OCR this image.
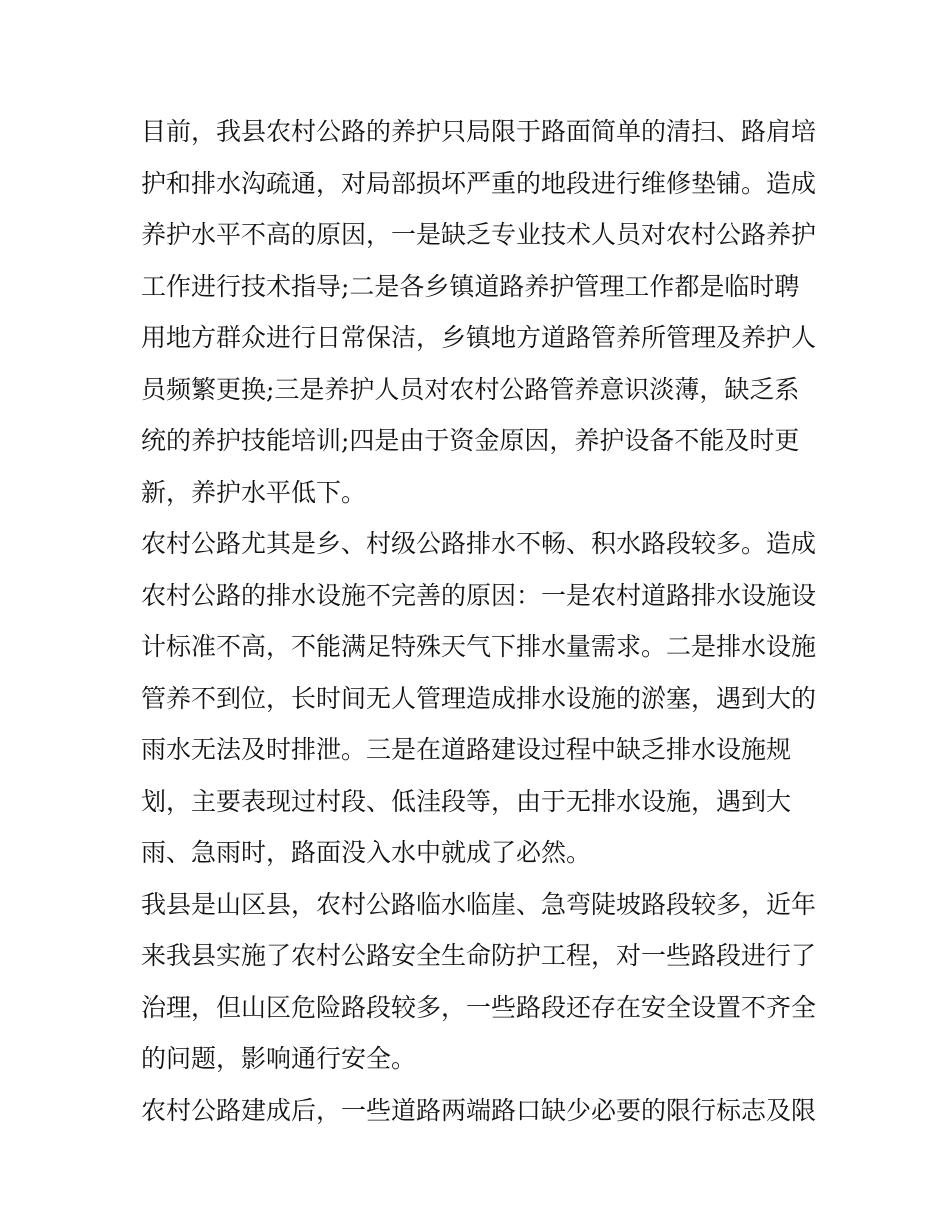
目前，我县农村公路的养护只局限于路面简单的清扫、路肩培
护和排水沟疏通，对局部损坏严重的地段进行维修垫铺。造成
养护水平不高的原因，一是缺乏专业技术人员对农村公路养护
工作进行技术指导;二是各乡镇道路养护管理工作都是临时聘
用地方群众进行日常保洁，乡镇地方道路管养所管理及养护人
员频繁更换;三是养护人员对农村公路管养意识淡薄，缺乏系
统的养护技能培训;四是由于资金原因，养护设备不能及时更
新，养护水平低下。
农村公路尤其是乡、村级公路排水不畅、积水路段较多。造成
农村公路的排水设施不完善的原因：一是农村道路排水设施设
计标准不高，不能满足特殊天气下排水量需求。二是排水设施
管养不到位，长时间无人管理造成排水设施的淤塞，遇到大的
雨水无法及时排泄。三是在道路建设过程中缺乏排水设施规
划，主要表现过村段、低洼段等，由于无排水设施，遇到大
雨、急雨时，路面没入水中就成了必然。
我县是山区县，农村公路临水临崖、急弯陡坡路段较多，近年
来我县实施了农村公路安全生命防护工程，对一些路段进行了
治理，但山区危险路段较多，一些路段还存在安全设置不齐全
的问题，影响通行安全。
农村公路建成后，一些道路两端路口缺少必要的限行标志及限
